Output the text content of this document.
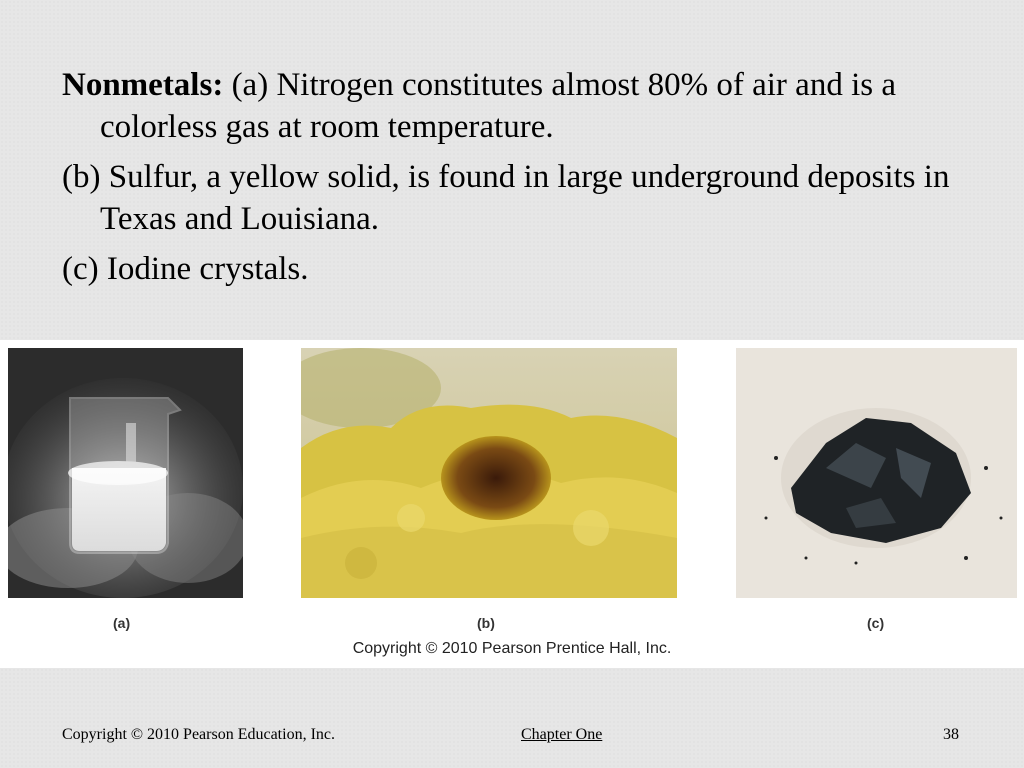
Nonmetals: (a) Nitrogen constitutes almost 80% of air and is a colorless gas at room temperature.

(b) Sulfur, a yellow solid, is found in large underground deposits in Texas and Louisiana.

(c) Iodine crystals.

(a)	(b)	(c)
Copyright © 2010 Pearson Prentice Hall, Inc.
Copyright © 2010 Pearson Education, Inc.	Chapter One	38
